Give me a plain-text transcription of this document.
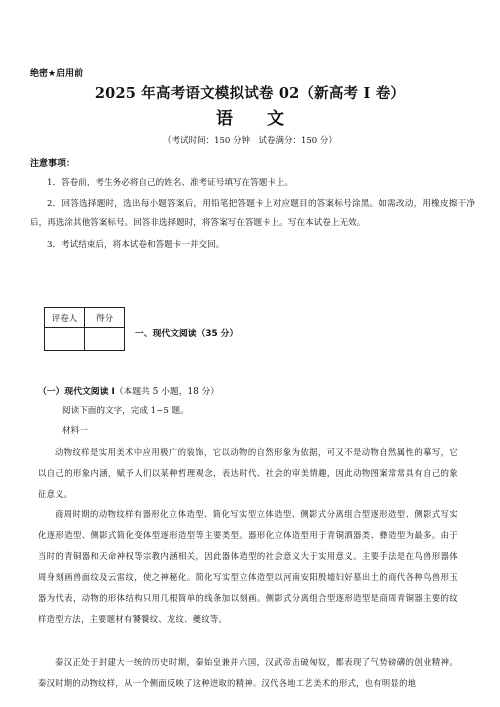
绝密★启用前
2025 年高考语文模拟试卷 02（新高考 I 卷）
语 文
（考试时间：150 分钟　试卷满分：150 分）
注意事项：
1．答卷前，考生务必将自己的姓名、准考证号填写在答题卡上。
2．回答选择题时，选出每小题答案后，用铅笔把答题卡上对应题目的答案标号涂黑。如需改动，用橡皮擦干净后，再选涂其他答案标号。回答非选择题时，将答案写在答题卡上。写在本试卷上无效。
3．考试结束后，将本试卷和答题卡一并交回。
评卷人	得分

一、现代文阅读（35 分）
（一）现代文阅读 I（本题共 5 小题，18 分）
阅读下面的文字，完成 1~5 题。
材料一
动物纹样是实用美术中应用极广的装饰，它以动物的自然形象为依据，可又不是动物自然属性的摹写，它以自己的形象内涵，赋予人们以某种哲理观念，表达时代、社会的审美情趣，因此动物图案常常具有自己的象征意义。
商周时期的动物纹样有器形化立体造型、简化写实型立体造型、侧影式分离组合型逐形造型、侧影式写实化逐形造型、侧影式简化变体型逐形造型等主要类型。器形化立体造型用于青铜酒器类、彝造型为最多。由于当时的青铜器和天命神权等宗教内涵相关，因此器体造型的社会意义大于实用意义。主要手法是在鸟兽形器体周身刻画兽面纹及云雷纹，使之神秘化。简化写实型立体造型以河南安阳殷墟妇好墓出土的商代各种鸟兽形玉器为代表，动物的形体结构只用几根简单的线条加以刻画。侧影式分离组合型逐形造型是商周青铜器主要的纹样造型方法，主要题材有饕餮纹、龙纹、夔纹等。
秦汉正处于封建大一统的历史时期，秦始皇兼并六国，汉武帝击破匈奴，都表现了气势磅礴的创业精神。秦汉时期的动物纹样，从一个侧面反映了这种进取的精神。汉代各地工艺美术的形式，也有明显的地
